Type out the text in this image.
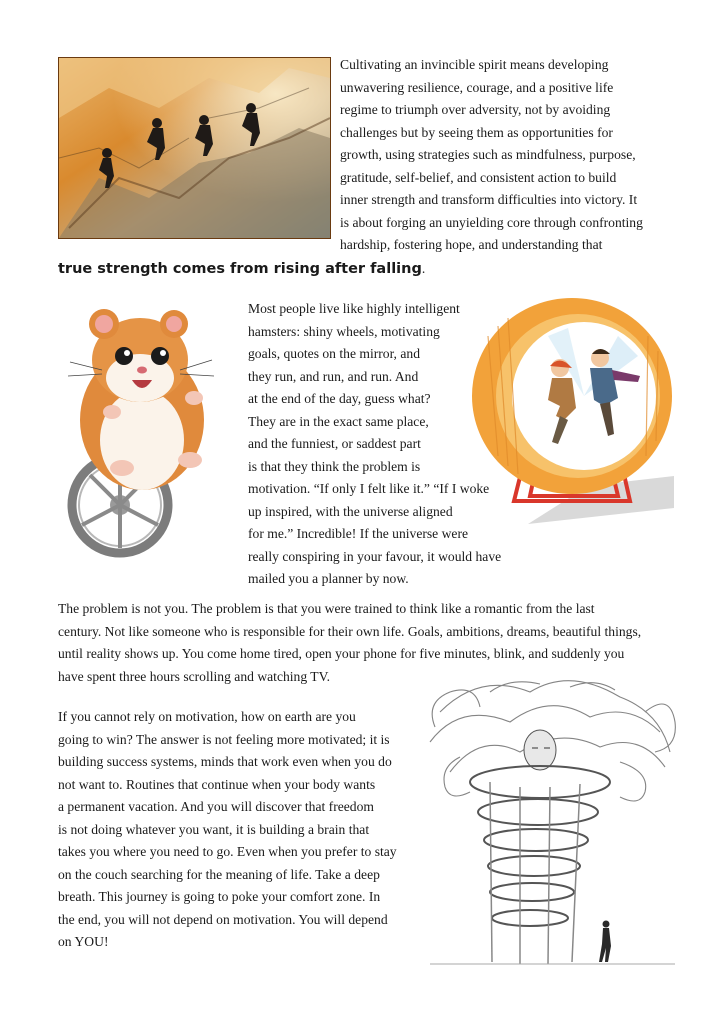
Cultivating an invincible spirit means developing
unwavering resilience, courage, and a positive life
regime to triumph over adversity, not by avoiding
challenges but by seeing them as opportunities for
growth, using strategies such as mindfulness, purpose,
gratitude, self-belief, and consistent action to build
inner strength and transform difficulties into victory. It
is about forging an unyielding core through confronting
hardship, fostering hope, and understanding that
true strength comes from rising after falling.
Most people live like highly intelligent
hamsters: shiny wheels, motivating
goals, quotes on the mirror, and
they run, and run, and run. And
at the end of the day, guess what?
They are in the exact same place,
and the funniest, or saddest part
is that they think the problem is
motivation. “If only I felt like it.” “If I woke
up inspired, with the universe aligned
for me.” Incredible! If the universe were
really conspiring in your favour, it would have
mailed you a planner by now.
The problem is not you. The problem is that you were trained to think like a romantic from the last
century. Not like someone who is responsible for their own life. Goals, ambitions, dreams, beautiful things,
until reality shows up. You come home tired, open your phone for five minutes, blink, and suddenly you
have spent three hours scrolling and watching TV.
If you cannot rely on motivation, how on earth are you
going to win? The answer is not feeling more motivated; it is
building success systems, minds that work even when you do
not want to. Routines that continue when your body wants
a permanent vacation. And you will discover that freedom
is not doing whatever you want, it is building a brain that
takes you where you need to go. Even when you prefer to stay
on the couch searching for the meaning of life. Take a deep
breath. This journey is going to poke your comfort zone. In
the end, you will not depend on motivation. You will depend
on YOU!
